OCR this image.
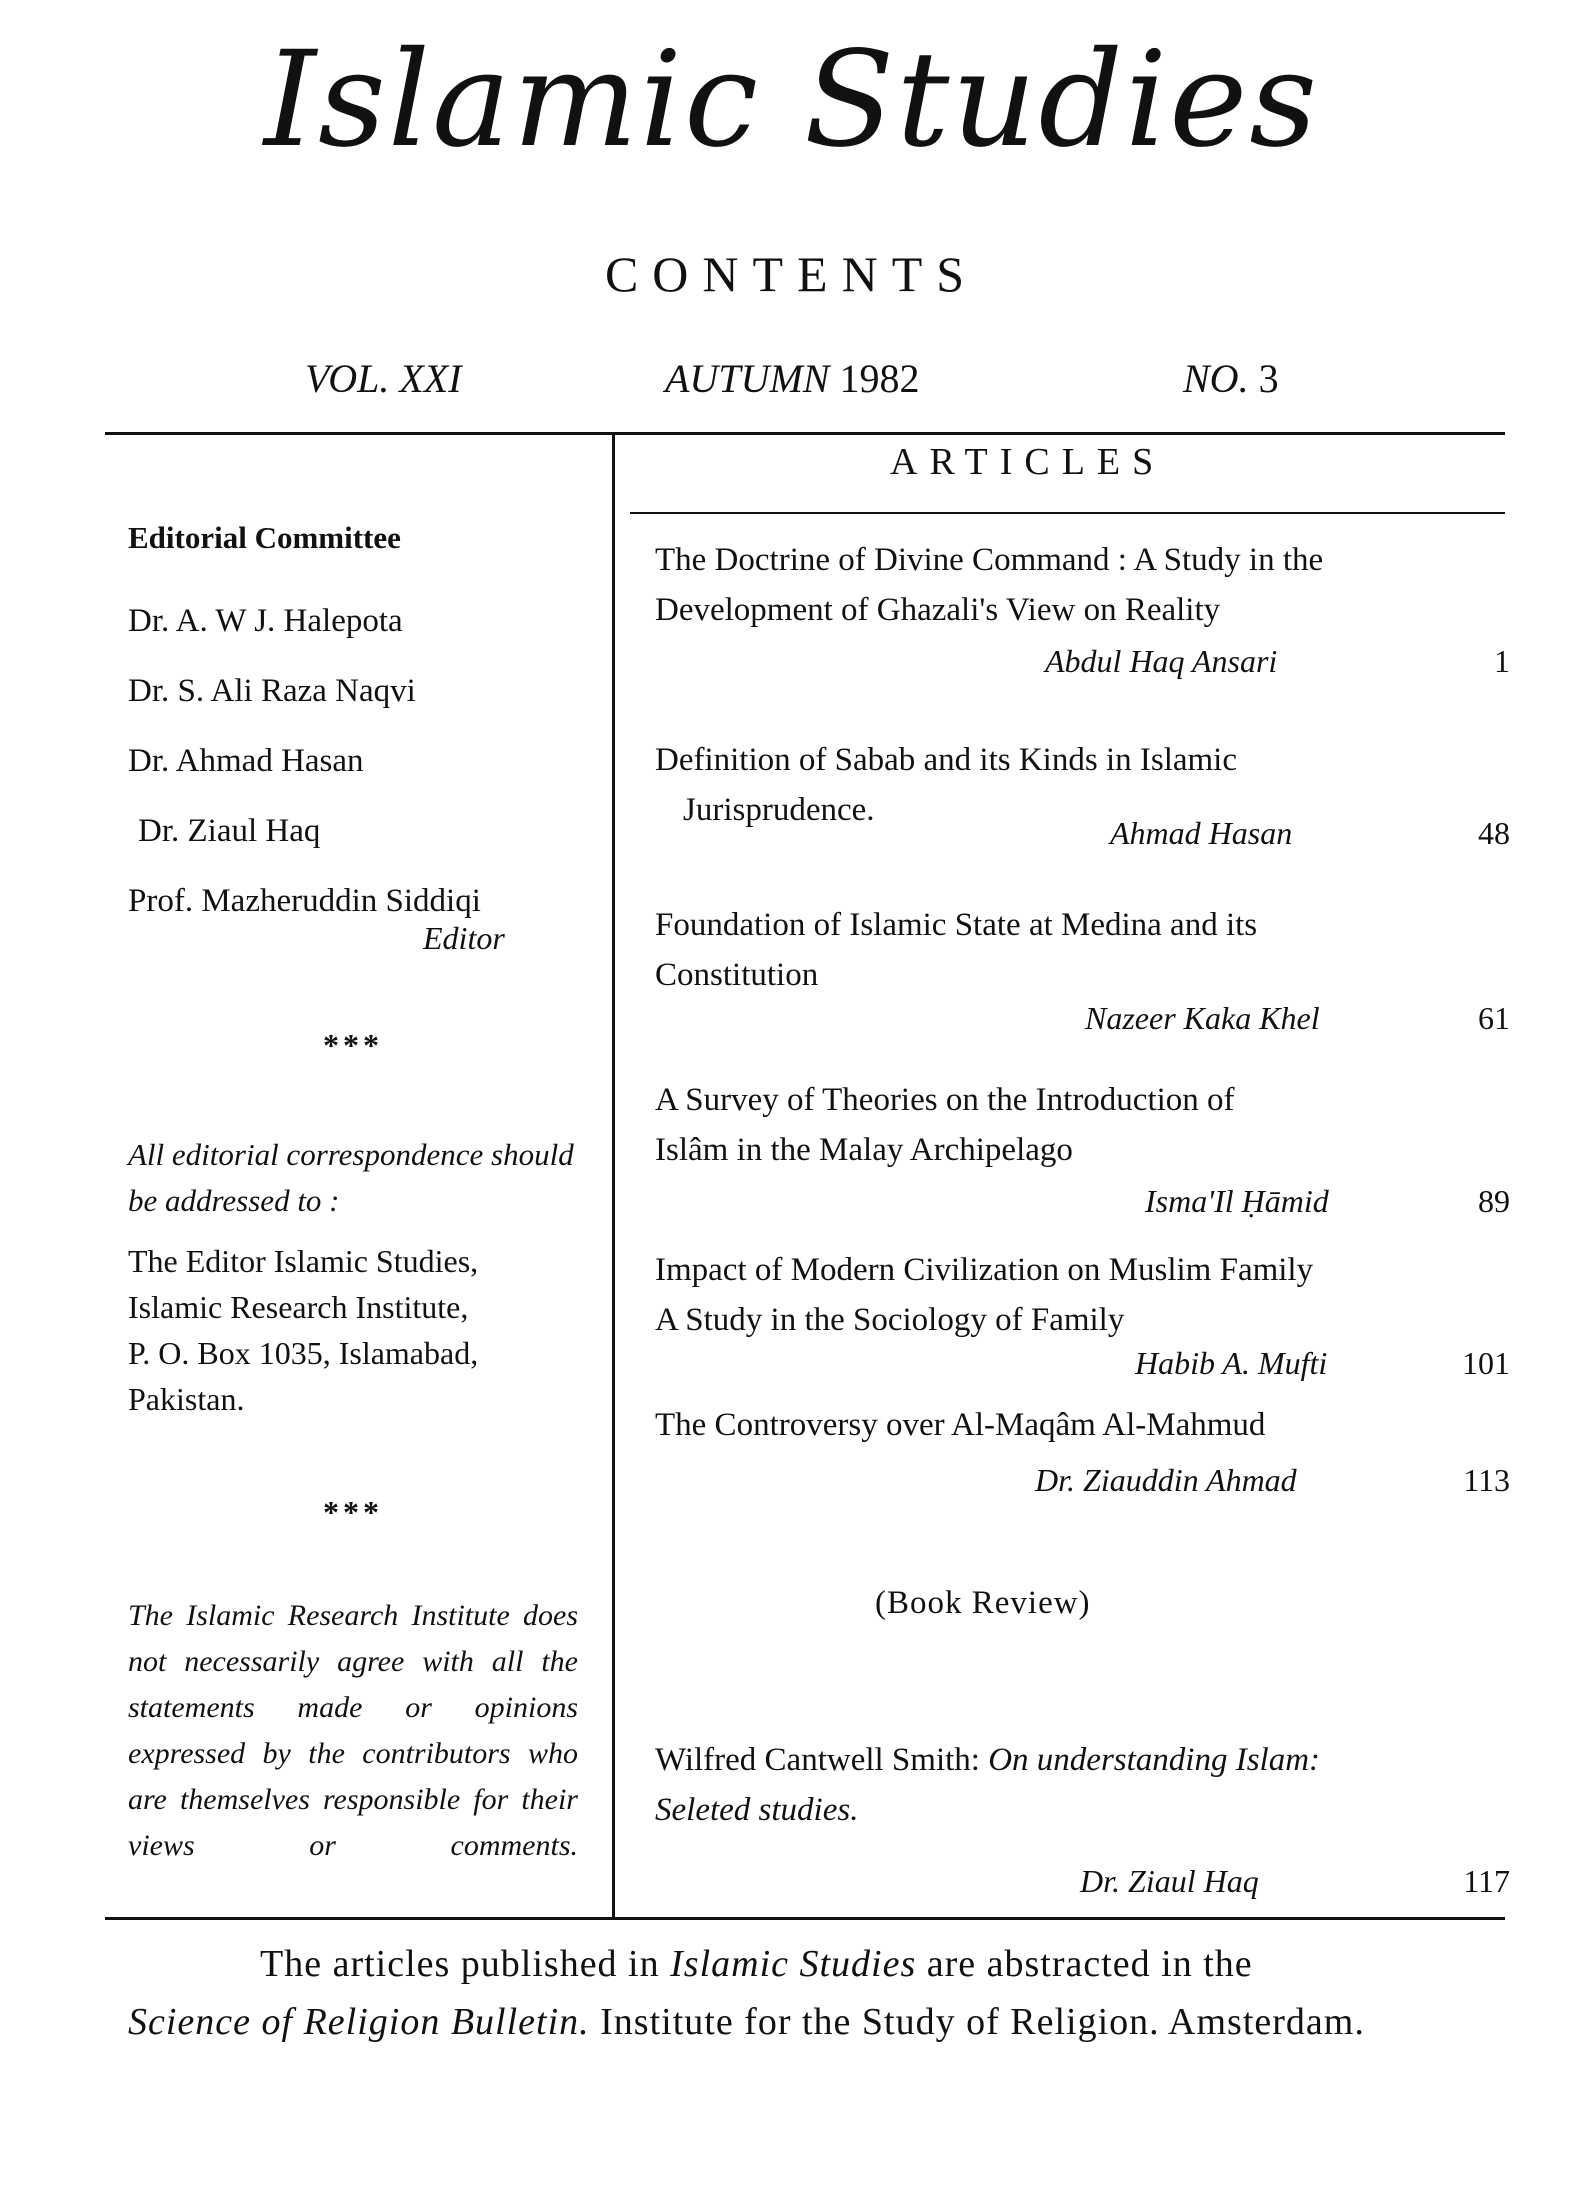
Islamic Studies
CONTENTS
VOL. XXI	AUTUMN 1982	NO. 3
ARTICLES
Editorial Committee
Dr. A. W J. Halepota
Dr. S. Ali Raza Naqvi
Dr. Ahmad Hasan
Dr. Ziaul Haq
Prof. Mazheruddin Siddiqi
Editor
***
All editorial correspondence should be addressed to :
The Editor Islamic Studies,
Islamic Research Institute,
P. O. Box 1035, Islamabad,
Pakistan.
***
The Islamic Research Institute does not necessarily agree with all the statements made or opinions expressed by the contributors who are themselves responsible for their views or comments.
The Doctrine of Divine Command : A Study in the
Development of Ghazali's View on Reality
Abdul Haq Ansari	1
Definition of Sabab and its Kinds in Islamic
Jurisprudence.
Ahmad Hasan	48
Foundation of Islamic State at Medina and its
Constitution
Nazeer Kaka Khel	61
A Survey of Theories on the Introduction of
Islâm in the Malay Archipelago
Isma'Il Ḥāmid	89
Impact of Modern Civilization on Muslim Family
A Study in the Sociology of Family
Habib A. Mufti	101
The Controversy over Al-Maqâm Al-Mahmud
Dr. Ziauddin Ahmad	113
(Book Review)
Wilfred Cantwell Smith: On understanding Islam:
Seleted studies.
Dr. Ziaul Haq	117
The articles published in Islamic Studies are abstracted in the
Science of Religion Bulletin. Institute for the Study of Religion. Amsterdam.
